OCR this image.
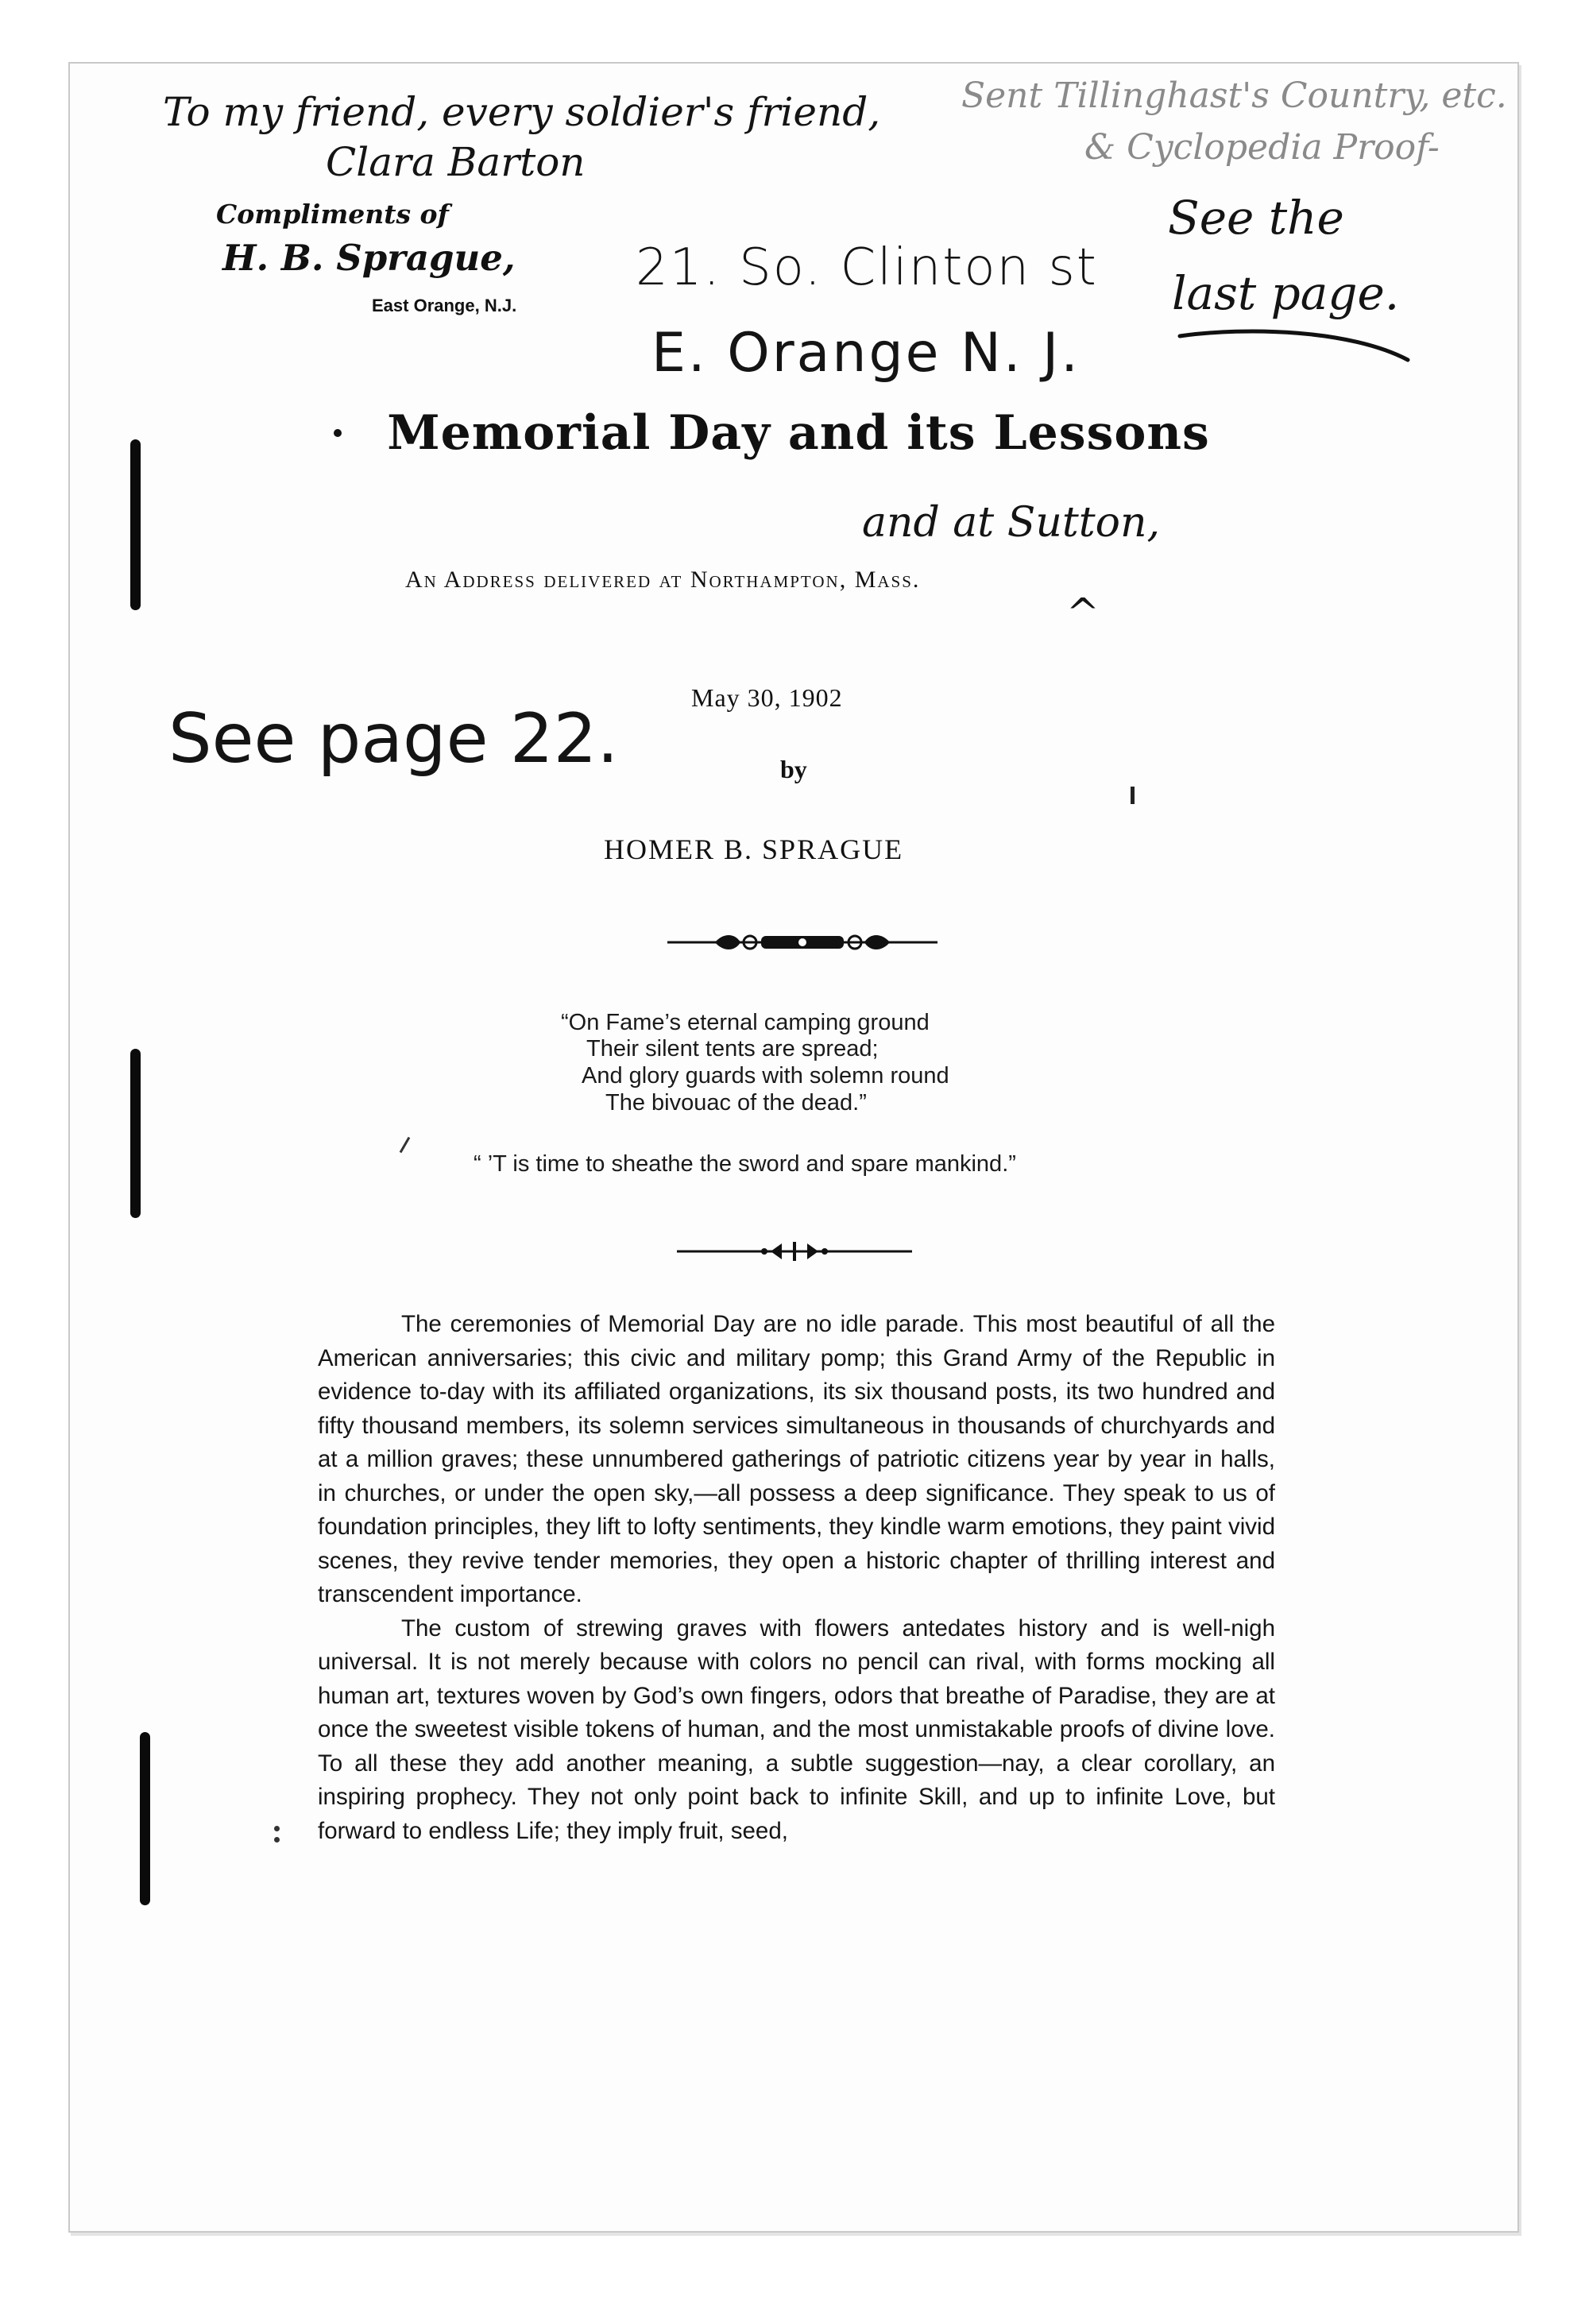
To my friend, every soldier's friend,
Clara Barton
Compliments of
H. B. Sprague,
East Orange, N.J.
Sent Tillinghast's Country, etc.
& Cyclopedia Proof-
See the
last page.
21. So. Clinton st
E. Orange N. J.
Memorial Day and its Lessons
and at Sutton,
An Address delivered at Northampton, Mass.
^
See page 22.
May 30, 1902
by
HOMER B. SPRAGUE
“On Fame’s eternal camping ground
Their silent tents are spread;
And glory guards with solemn round
The bivouac of the dead.”
“ ’T is time to sheathe the sword and spare mankind.”

The ceremonies of Memorial Day are no idle parade. This most beautiful of all the American anniversaries; this civic and military pomp; this Grand Army of the Republic in evidence to-day with its affiliated organizations, its six thousand posts, its two hundred and fifty thousand members, its solemn services simultaneous in thousands of churchyards and at a million graves; these unnumbered gatherings of patriotic citizens year by year in halls, in churches, or under the open sky,—all possess a deep significance. They speak to us of foundation principles, they lift to lofty sentiments, they kindle warm emotions, they paint vivid scenes, they revive tender memories, they open a historic chapter of thrilling interest and transcendent importance.

The custom of strewing graves with flowers antedates history and is well-nigh universal. It is not merely because with colors no pencil can rival, with forms mocking all human art, textures woven by God’s own fingers, odors that breathe of Paradise, they are at once the sweetest visible tokens of human, and the most unmistakable proofs of divine love. To all these they add another meaning, a subtle suggestion—nay, a clear corollary, an inspiring prophecy. They not only point back to infinite Skill, and up to infinite Love, but forward to endless Life; they imply fruit, seed,
